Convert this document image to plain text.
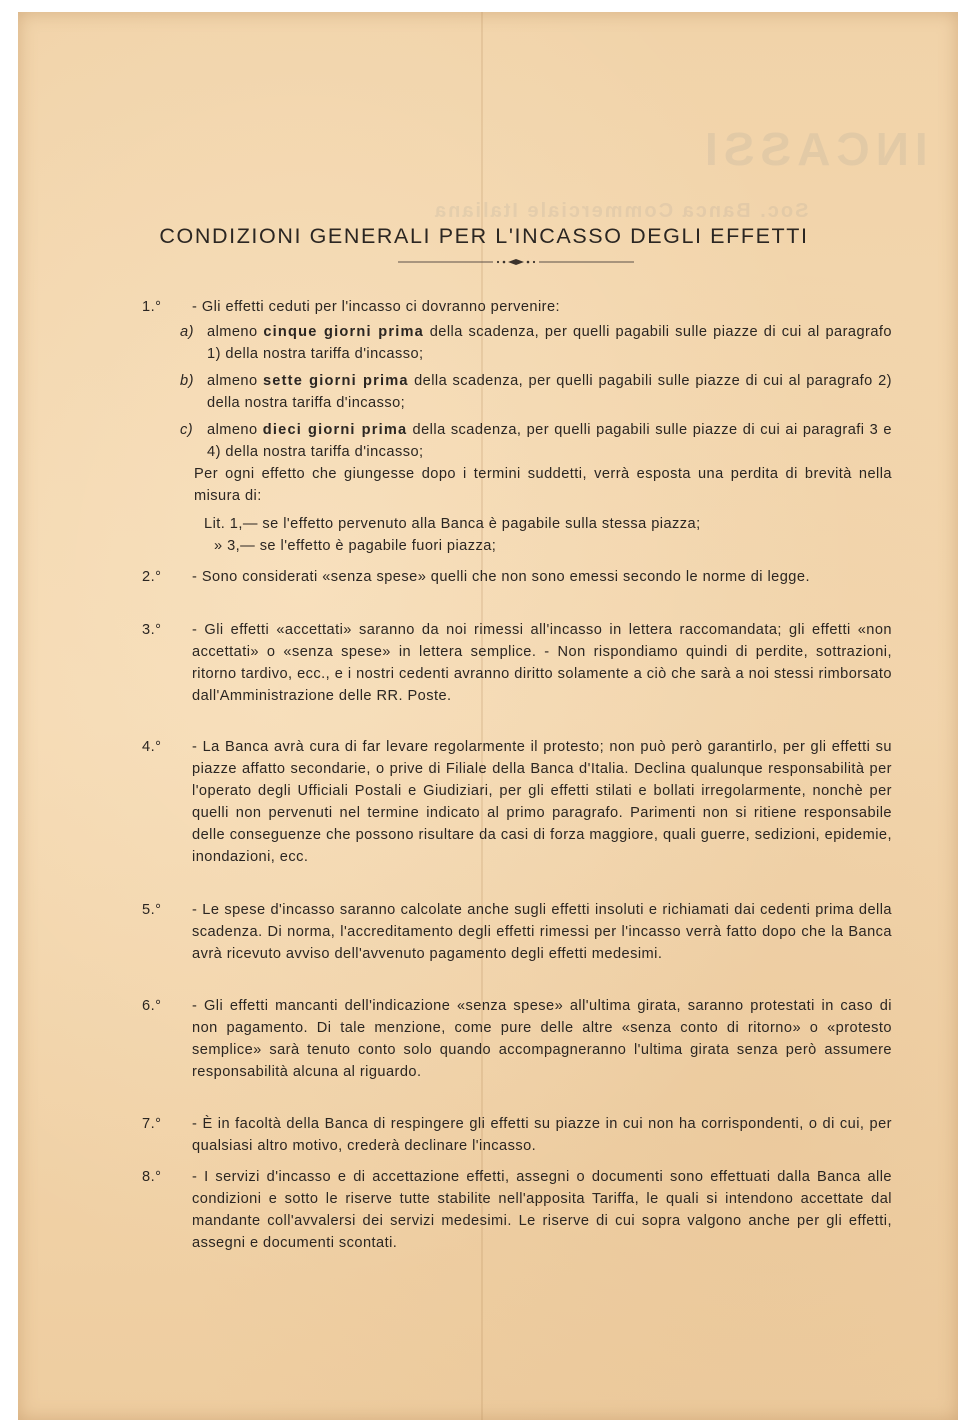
INCASSI
Soc. Banca Commerciale Italiana
CONDIZIONI GENERALI PER L'INCASSO DEGLI EFFETTI
1.°	- Gli effetti ceduti per l'incasso ci dovranno pervenire:
a) almeno cinque giorni prima della scadenza, per quelli pagabili sulle piazze di cui al paragrafo 1) della nostra tariffa d'incasso;
b) almeno sette giorni prima della scadenza, per quelli pagabili sulle piazze di cui al paragrafo 2) della nostra tariffa d'incasso;
c) almeno dieci giorni prima della scadenza, per quelli pagabili sulle piazze di cui ai paragrafi 3 e 4) della nostra tariffa d'incasso;
Per ogni effetto che giungesse dopo i termini suddetti, verrà esposta una perdita di brevità nella misura di:
Lit. 1,— se l'effetto pervenuto alla Banca è pagabile sulla stessa piazza;
» 3,— se l'effetto è pagabile fuori piazza;
2.°	- Sono considerati «senza spese» quelli che non sono emessi secondo le norme di legge.
3.°	- Gli effetti «accettati» saranno da noi rimessi all'incasso in lettera raccomandata; gli effetti «non accettati» o «senza spese» in lettera semplice. - Non rispondiamo quindi di perdite, sottrazioni, ritorno tardivo, ecc., e i nostri cedenti avranno diritto solamente a ciò che sarà a noi stessi rimborsato dall'Amministrazione delle RR. Poste.
4.°	- La Banca avrà cura di far levare regolarmente il protesto; non può però garantirlo, per gli effetti su piazze affatto secondarie, o prive di Filiale della Banca d'Italia. Declina qualunque responsabilità per l'operato degli Ufficiali Postali e Giudiziari, per gli effetti stilati e bollati irregolarmente, nonchè per quelli non pervenuti nel termine indicato al primo paragrafo. Parimenti non si ritiene responsabile delle conseguenze che possono risultare da casi di forza maggiore, quali guerre, sedizioni, epidemie, inondazioni, ecc.
5.°	- Le spese d'incasso saranno calcolate anche sugli effetti insoluti e richiamati dai cedenti prima della scadenza. Di norma, l'accreditamento degli effetti rimessi per l'incasso verrà fatto dopo che la Banca avrà ricevuto avviso dell'avvenuto pagamento degli effetti medesimi.
6.°	- Gli effetti mancanti dell'indicazione «senza spese» all'ultima girata, saranno protestati in caso di non pagamento. Di tale menzione, come pure delle altre «senza conto di ritorno» o «protesto semplice» sarà tenuto conto solo quando accompagneranno l'ultima girata senza però assumere responsabilità alcuna al riguardo.
7.°	- È in facoltà della Banca di respingere gli effetti su piazze in cui non ha corrispondenti, o di cui, per qualsiasi altro motivo, crederà declinare l'incasso.
8.°	- I servizi d'incasso e di accettazione effetti, assegni o documenti sono effettuati dalla Banca alle condizioni e sotto le riserve tutte stabilite nell'apposita Tariffa, le quali si intendono accettate dal mandante coll'avvalersi dei servizi medesimi. Le riserve di cui sopra valgono anche per gli effetti, assegni e documenti scontati.
